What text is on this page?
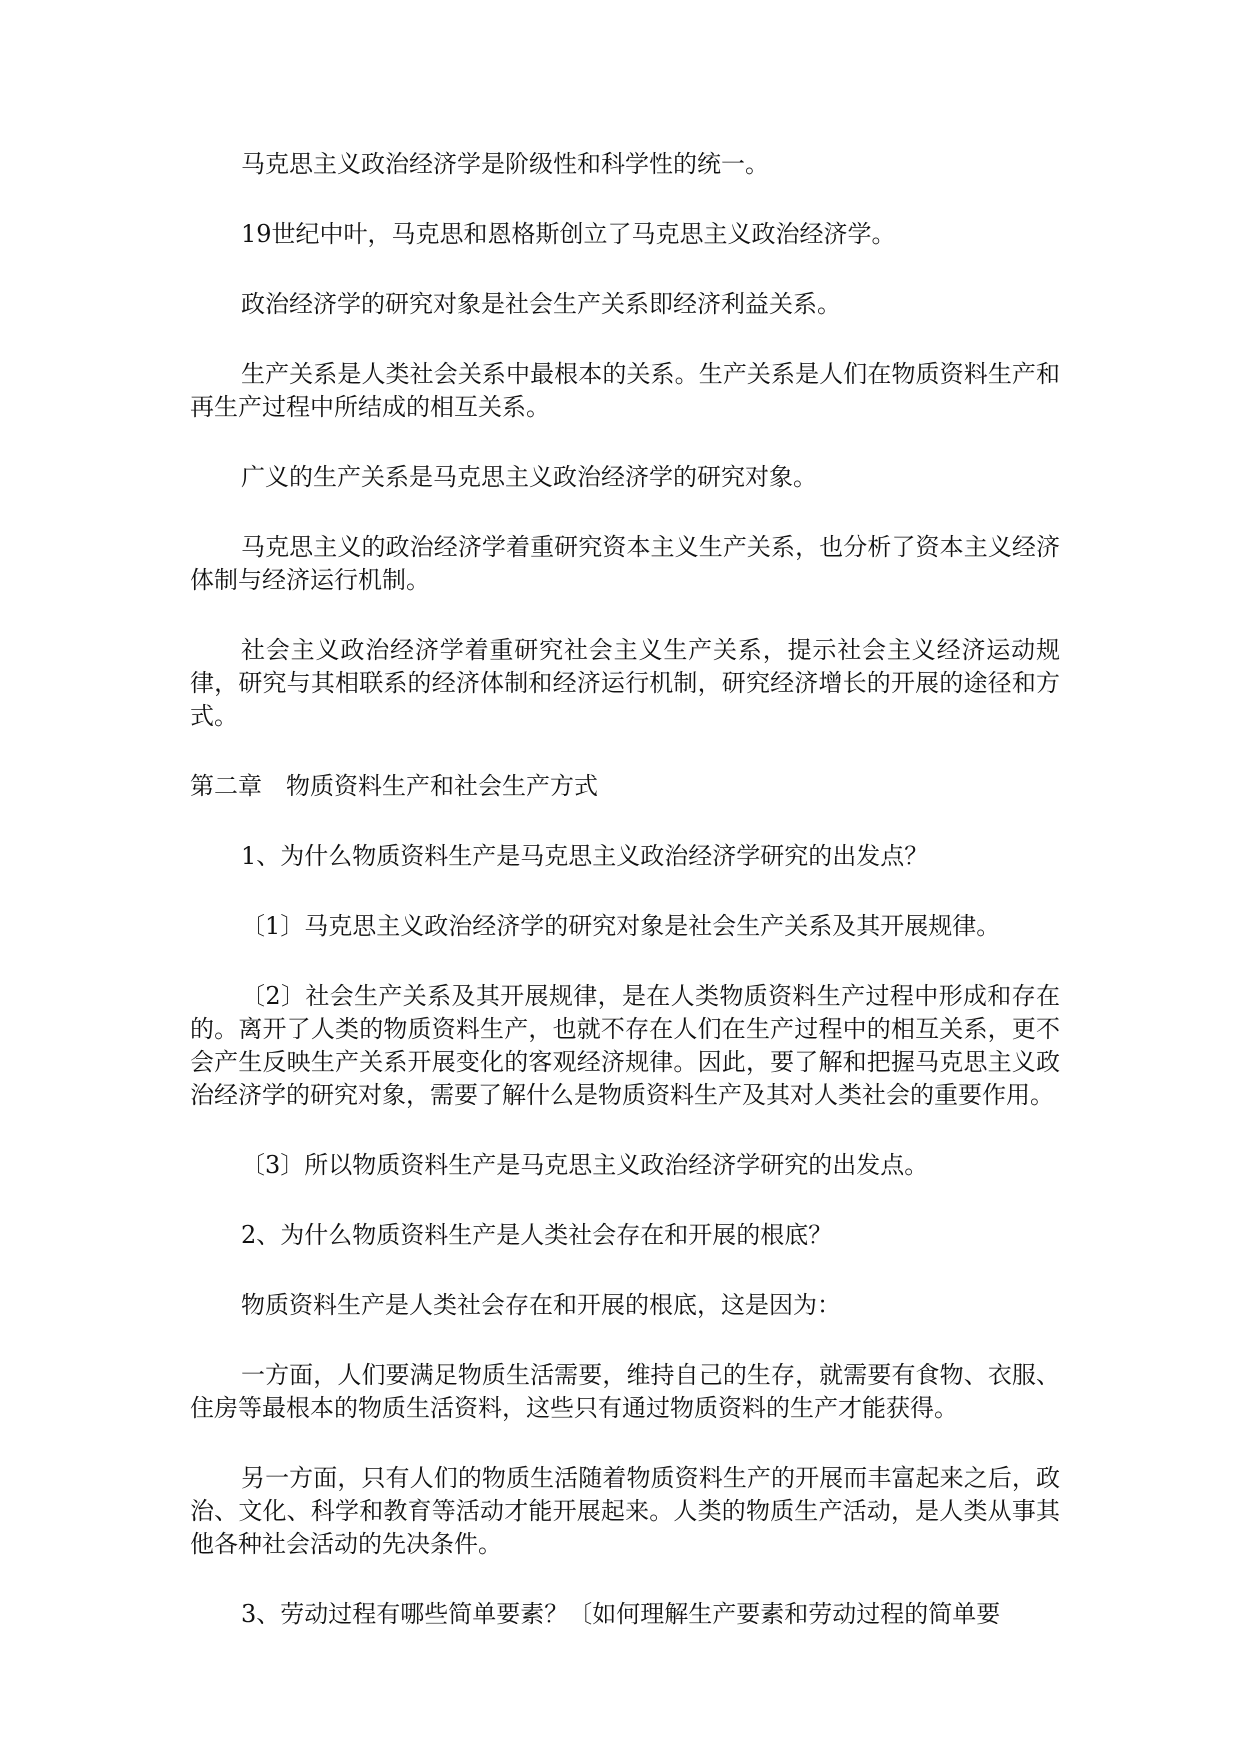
马克思主义政治经济学是阶级性和科学性的统一。

19世纪中叶，马克思和恩格斯创立了马克思主义政治经济学。

政治经济学的研究对象是社会生产关系即经济利益关系。

生产关系是人类社会关系中最根本的关系。生产关系是人们在物质资料生产和再生产过程中所结成的相互关系。

广义的生产关系是马克思主义政治经济学的研究对象。

马克思主义的政治经济学着重研究资本主义生产关系，也分析了资本主义经济体制与经济运行机制。

社会主义政治经济学着重研究社会主义生产关系，提示社会主义经济运动规律，研究与其相联系的经济体制和经济运行机制，研究经济增长的开展的途径和方式。

第二章　物质资料生产和社会生产方式

1、为什么物质资料生产是马克思主义政治经济学研究的出发点？

〔1〕马克思主义政治经济学的研究对象是社会生产关系及其开展规律。

〔2〕社会生产关系及其开展规律，是在人类物质资料生产过程中形成和存在的。离开了人类的物质资料生产，也就不存在人们在生产过程中的相互关系，更不会产生反映生产关系开展变化的客观经济规律。因此，要了解和把握马克思主义政治经济学的研究对象，需要了解什么是物质资料生产及其对人类社会的重要作用。

〔3〕所以物质资料生产是马克思主义政治经济学研究的出发点。

2、为什么物质资料生产是人类社会存在和开展的根底？

物质资料生产是人类社会存在和开展的根底，这是因为：

一方面，人们要满足物质生活需要，维持自己的生存，就需要有食物、衣服、住房等最根本的物质生活资料，这些只有通过物质资料的生产才能获得。

另一方面，只有人们的物质生活随着物质资料生产的开展而丰富起来之后，政治、文化、科学和教育等活动才能开展起来。人类的物质生产活动，是人类从事其他各种社会活动的先决条件。

3、劳动过程有哪些简单要素？〔如何理解生产要素和劳动过程的简单要
